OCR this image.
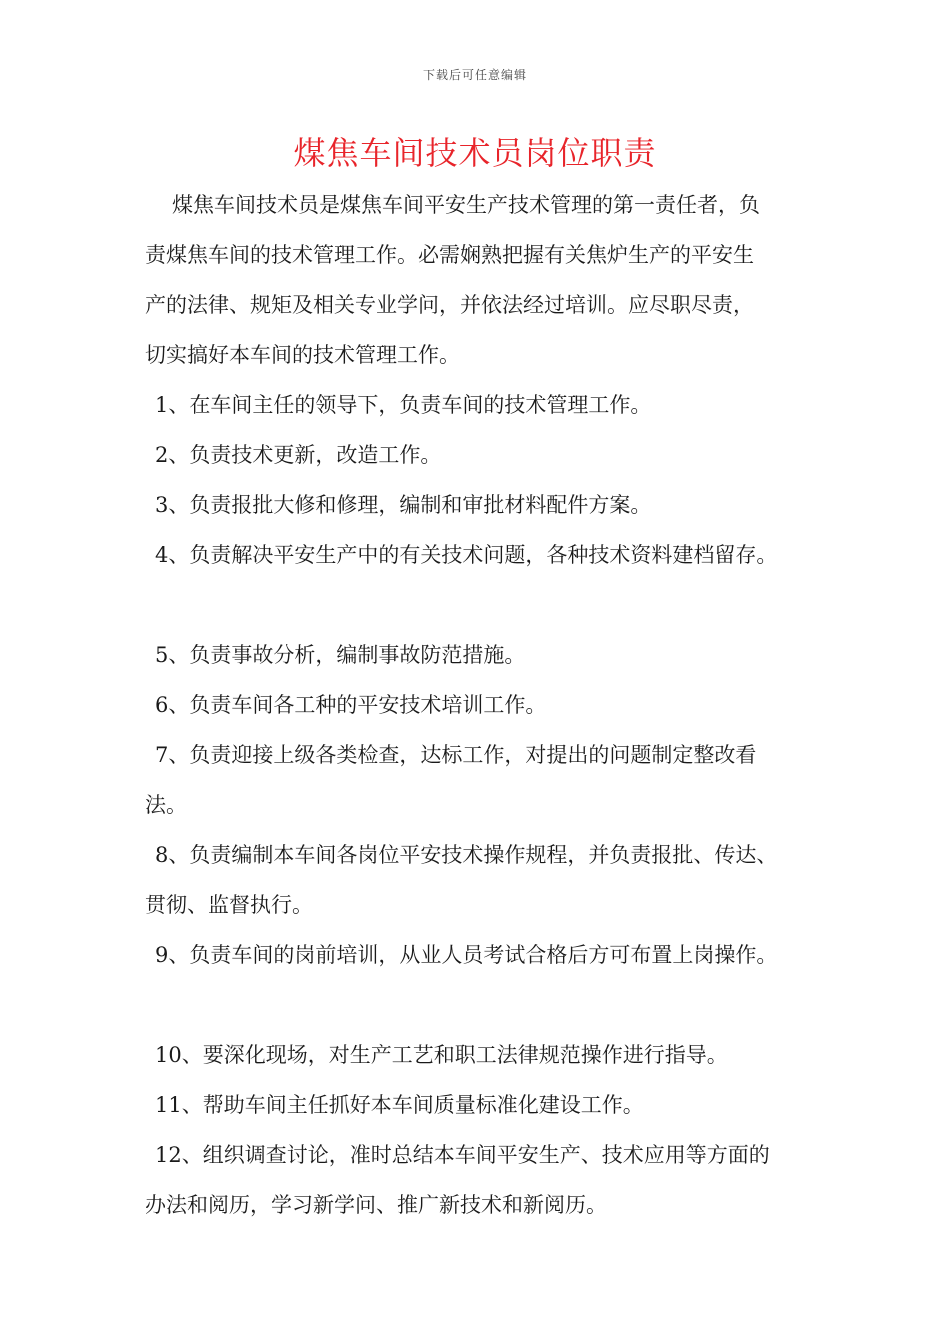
下载后可任意编辑
煤焦车间技术员岗位职责
煤焦车间技术员是煤焦车间平安生产技术管理的第一责任者，负
责煤焦车间的技术管理工作。必需娴熟把握有关焦炉生产的平安生
产的法律、规矩及相关专业学问，并依法经过培训。应尽职尽责，
切实搞好本车间的技术管理工作。
1、在车间主任的领导下，负责车间的技术管理工作。
2、负责技术更新，改造工作。
3、负责报批大修和修理，编制和审批材料配件方案。
4、负责解决平安生产中的有关技术问题，各种技术资料建档留存。
5、负责事故分析，编制事故防范措施。
6、负责车间各工种的平安技术培训工作。
7、负责迎接上级各类检查，达标工作，对提出的问题制定整改看
法。
8、负责编制本车间各岗位平安技术操作规程，并负责报批、传达、
贯彻、监督执行。
9、负责车间的岗前培训，从业人员考试合格后方可布置上岗操作。
10、要深化现场，对生产工艺和职工法律规范操作进行指导。
11、帮助车间主任抓好本车间质量标准化建设工作。
12、组织调查讨论，准时总结本车间平安生产、技术应用等方面的
办法和阅历，学习新学问、推广新技术和新阅历。
